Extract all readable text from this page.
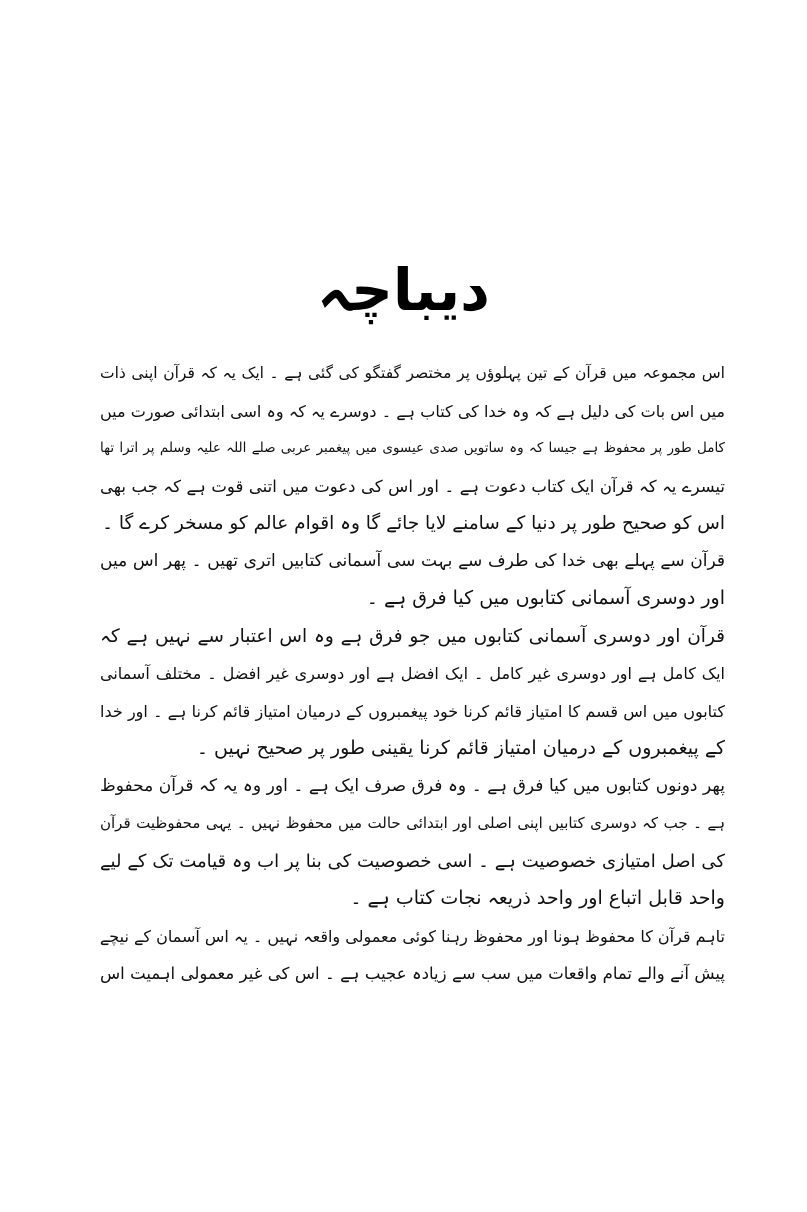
دیباچہ
اس مجموعہ میں قرآن کے تین پہلوؤں پر مختصر گفتگو کی گئی ہے ۔ ایک یہ کہ قرآن اپنی ذات
میں اس بات کی دلیل ہے کہ وہ خدا کی کتاب ہے ۔ دوسرے یہ کہ وہ اسی ابتدائی صورت میں
کامل طور پر محفوظ ہے جیسا کہ وہ ساتویں صدی عیسوی میں پیغمبر عربی صلے اللہ علیہ وسلم پر اترا تھا
تیسرے یہ کہ قرآن ایک کتاب دعوت ہے ۔ اور اس کی دعوت میں اتنی قوت ہے کہ جب بھی
اس کو صحیح طور پر دنیا کے سامنے لایا جائے گا وہ اقوام عالم کو مسخر کرے گا ۔
قرآن سے پہلے بھی خدا کی طرف سے بہت سی آسمانی کتابیں اتری تھیں ۔ پھر اس میں
اور دوسری آسمانی کتابوں میں کیا فرق ہے ۔
قرآن اور دوسری آسمانی کتابوں میں جو فرق ہے وہ اس اعتبار سے نہیں ہے کہ
ایک کامل ہے اور دوسری غیر کامل ۔ ایک افضل ہے اور دوسری غیر افضل ۔ مختلف آسمانی
کتابوں میں اس قسم کا امتیاز قائم کرنا خود پیغمبروں کے درمیان امتیاز قائم کرنا ہے ۔ اور خدا
کے پیغمبروں کے درمیان امتیاز قائم کرنا یقینی طور پر صحیح نہیں ۔
پھر دونوں کتابوں میں کیا فرق ہے ۔ وہ فرق صرف ایک ہے ۔ اور وہ یہ کہ قرآن محفوظ
ہے ۔ جب کہ دوسری کتابیں اپنی اصلی اور ابتدائی حالت میں محفوظ نہیں ۔ یہی محفوظیت قرآن
کی اصل امتیازی خصوصیت ہے ۔ اسی خصوصیت کی بنا پر اب وہ قیامت تک کے لیے
واحد قابل اتباع اور واحد ذریعہ نجات کتاب ہے ۔
تاہم قرآن کا محفوظ ہونا اور محفوظ رہنا کوئی معمولی واقعہ نہیں ۔ یہ اس آسمان کے نیچے
پیش آنے والے تمام واقعات میں سب سے زیادہ عجیب ہے ۔ اس کی غیر معمولی اہمیت اس
